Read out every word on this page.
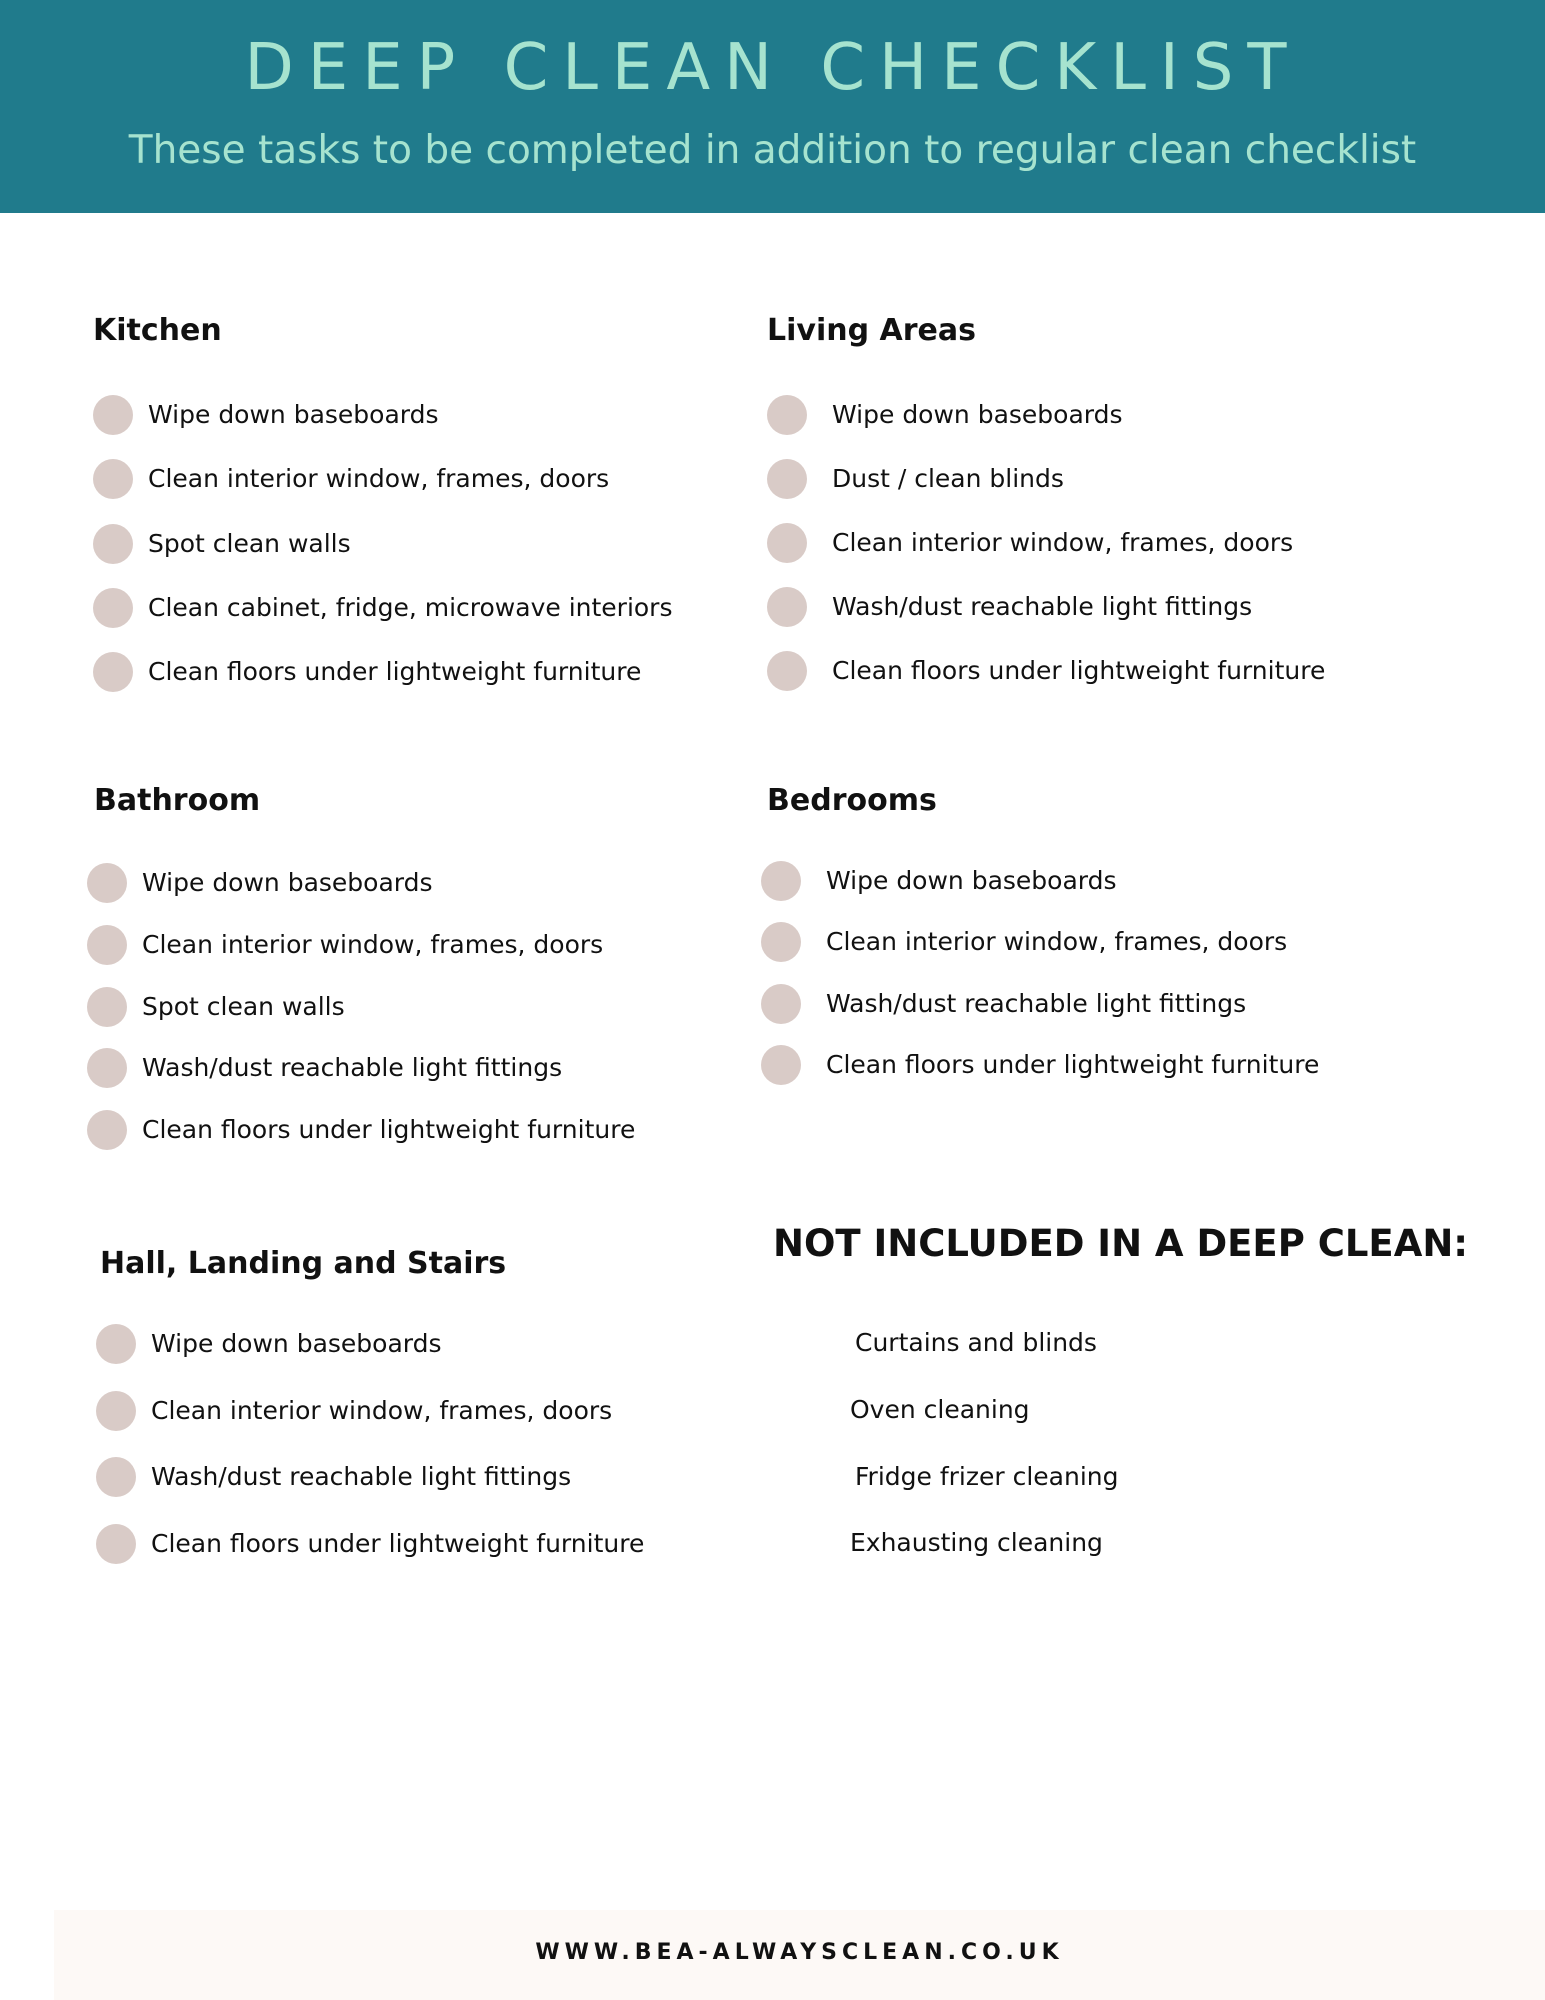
DEEP CLEAN CHECKLIST
These tasks to be completed in addition to regular clean checklist
Kitchen
Wipe down baseboards
Clean interior window, frames, doors
Spot clean walls
Clean cabinet, fridge, microwave interiors
Clean floors under lightweight furniture
Living Areas
Wipe down baseboards
Dust / clean blinds
Clean interior window, frames, doors
Wash/dust reachable light fittings
Clean floors under lightweight furniture
Bathroom
Wipe down baseboards
Clean interior window, frames, doors
Spot clean walls
Wash/dust reachable light fittings
Clean floors under lightweight furniture
Bedrooms
Wipe down baseboards
Clean interior window, frames, doors
Wash/dust reachable light fittings
Clean floors under lightweight furniture
Hall, Landing and Stairs
Wipe down baseboards
Clean interior window, frames, doors
Wash/dust reachable light fittings
Clean floors under lightweight furniture
NOT INCLUDED IN A DEEP CLEAN:
Curtains and blinds
Oven cleaning
Fridge frizer cleaning
Exhausting cleaning
WWW.BEA-ALWAYSCLEAN.CO.UK
